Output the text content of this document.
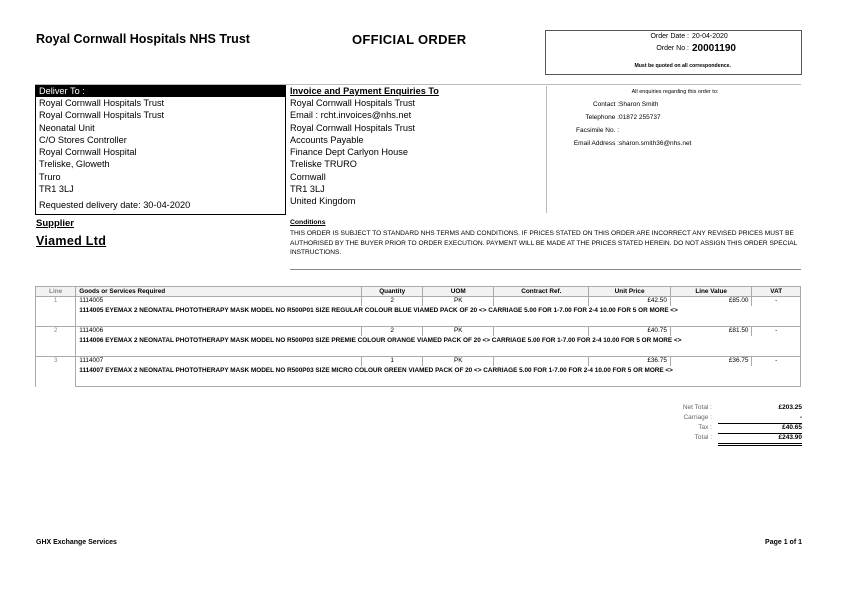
Royal Cornwall Hospitals NHS Trust	OFFICIAL ORDER	Order Date : 20-04-2020
Order No : 20001190
Must be quoted on all correspondence.
Deliver To :
Royal Cornwall Hospitals Trust
Royal Cornwall Hospitals Trust
Neonatal Unit
C/O Stores Controller
Royal Cornwall Hospital
Treliske, Gloweth
Truro
TR1 3LJ
Requested delivery date: 30-04-2020
Invoice and Payment Enquiries To
Royal Cornwall Hospitals Trust
Email : rcht.invoices@nhs.net
Royal Cornwall Hospitals Trust
Accounts Payable
Finance Dept Carlyon House
Treliske TRURO
Cornwall
TR1 3LJ
United Kingdom
All enquiries regarding this order to:
Contact : Sharon Smith
Telephone : 01872 255737
Facsimile No. :
Email Address : sharon.smith36@nhs.net
Supplier
Viamed Ltd
Conditions
THIS ORDER IS SUBJECT TO STANDARD NHS TERMS AND CONDITIONS. IF PRICES STATED ON THIS ORDER ARE INCORRECT ANY REVISED PRICES MUST BE AUTHORISED BY THE BUYER PRIOR TO ORDER EXECUTION. PAYMENT WILL BE MADE AT THE PRICES STATED HEREIN. DO NOT ASSIGN THIS ORDER SPECIAL INSTRUCTIONS.
Line	Goods or Services Required	Quantity	UOM	Contract Ref.	Unit Price	Line Value	VAT
1	1114005	2	PK		£42.50	£85.00	-
	1114005 EYEMAX 2 NEONATAL PHOTOTHERAPY MASK MODEL NO R500P01 SIZE REGULAR COLOUR BLUE VIAMED PACK OF 20 <> CARRIAGE 5.00 FOR 1-7.00 FOR 2-4 10.00 FOR 5 OR MORE <>						
2	1114006	2	PK		£40.75	£81.50	-
	1114006 EYEMAX 2 NEONATAL PHOTOTHERAPY MASK MODEL NO R500P03 SIZE PREMIE COLOUR ORANGE VIAMED PACK OF 20 <> CARRIAGE 5.00 FOR 1-7.00 FOR 2-4 10.00 FOR 5 OR MORE <>						
3	1114007	1	PK		£36.75	£36.75	-
	1114007 EYEMAX 2 NEONATAL PHOTOTHERAPY MASK MODEL NO R500P03 SIZE MICRO COLOUR GREEN VIAMED PACK OF 20 <> CARRIAGE 5.00 FOR 1-7.00 FOR 2-4 10.00 FOR 5 OR MORE <>						
Net Total :	£203.25
Carriage :	-
Tax :	£40.65
Total :	£243.90
GHX Exchange Services	Page 1 of 1
